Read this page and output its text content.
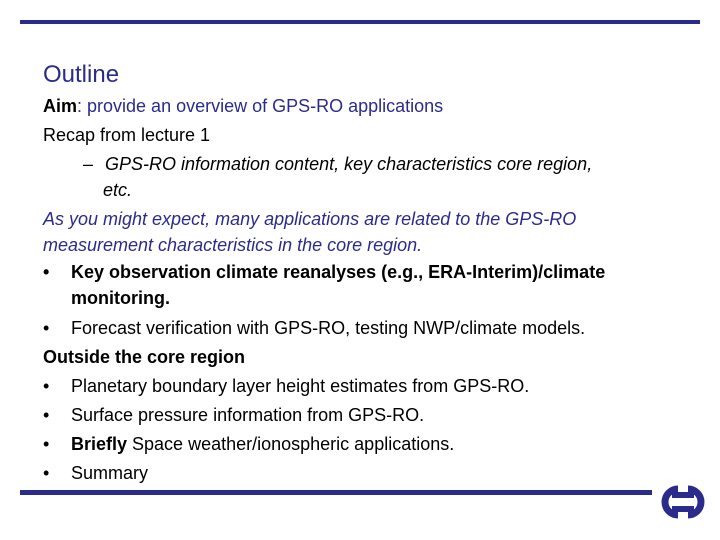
Outline
Aim: provide an overview of GPS-RO applications
Recap from lecture 1
– GPS-RO information content, key characteristics core region,
etc.
As you might expect, many applications are related to the GPS-RO
measurement characteristics in the core region.
• Key observation climate reanalyses (e.g., ERA-Interim)/climate
monitoring.
• Forecast verification with GPS-RO, testing NWP/climate models.
Outside the core region
• Planetary boundary layer height estimates from GPS-RO.
• Surface pressure information from GPS-RO.
• Briefly Space weather/ionospheric applications.
• Summary
